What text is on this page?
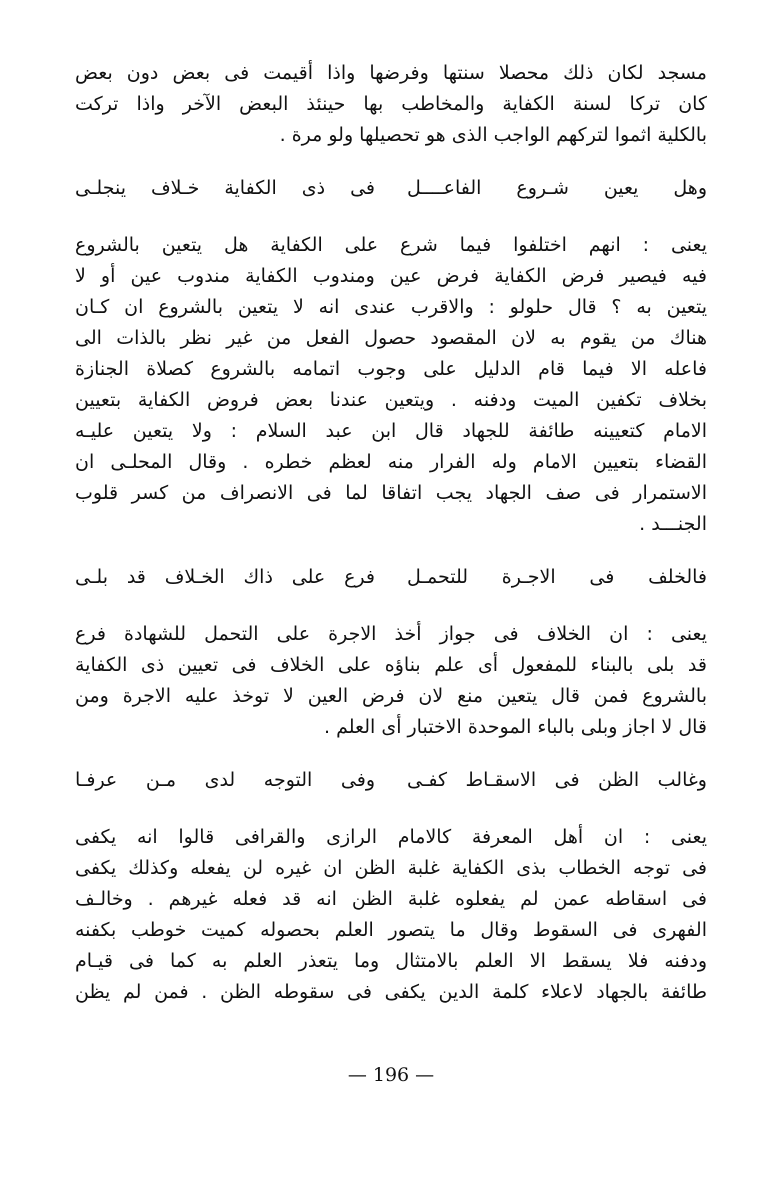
مسجد لكان ذلك محصلا سنتها وفرضها واذا أقيمت فى بعض دون بعض
كان تركا لسنة الكفاية والمخاطب بها حينئذ البعض الآخر واذا تركت
بالكلية اثموا لتركهم الواجب الذى هو تحصيلها ولو مرة .
وهل يعين شـروع الفاعــــل
فى ذى الكفاية خـلاف ينجلـى
يعنى : انهم اختلفوا فيما شرع على الكفاية هل يتعين بالشروع
فيه فيصير فرض الكفاية فرض عين ومندوب الكفاية مندوب عين أو لا
يتعين به ؟ قال حلولو : والاقرب عندى انه لا يتعين بالشروع ان كـان
هناك من يقوم به لان المقصود حصول الفعل من غير نظر بالذات الى
فاعله الا فيما قام الدليل على وجوب اتمامه بالشروع كصلاة الجنازة
بخلاف تكفين الميت ودفنه . ويتعين عندنا بعض فروض الكفاية بتعيين
الامام كتعيينه طائفة للجهاد قال ابن عبد السلام : ولا يتعين عليـه
القضاء بتعيين الامام وله الفرار منه لعظم خطره . وقال المحلـى ان
الاستمرار فى صف الجهاد يجب اتفاقا لما فى الانصراف من كسر قلوب
الجنـــد .
فالخلف فى الاجـرة للتحمـل
فرع على ذاك الخـلاف قد بلـى
يعنى : ان الخلاف فى جواز أخذ الاجرة على التحمل للشهادة فرع
قد بلى بالبناء للمفعول أى علم بناؤه على الخلاف فى تعيين ذى الكفاية
بالشروع فمن قال يتعين منع لان فرض العين لا توخذ عليه الاجرة ومن
قال لا اجاز وبلى بالباء الموحدة الاختبار أى العلم .
وغالب الظن فى الاسقـاط كفـى
وفى التوجه لدى مـن عرفـا
يعنى : ان أهل المعرفة كالامام الرازى والقرافى قالوا انه يكفى
فى توجه الخطاب بذى الكفاية غلبة الظن ان غيره لن يفعله وكذلك يكفى
فى اسقاطه عمن لم يفعلوه غلبة الظن انه قد فعله غيرهم . وخالـف
الفهرى فى السقوط وقال ما يتصور العلم بحصوله كميت خوطب بكفنه
ودفنه فلا يسقط الا العلم بالامتثال وما يتعذر العلم به كما فى قيـام
طائفة بالجهاد لاعلاء كلمة الدين يكفى فى سقوطه الظن . فمن لم يظن
— 196 —
